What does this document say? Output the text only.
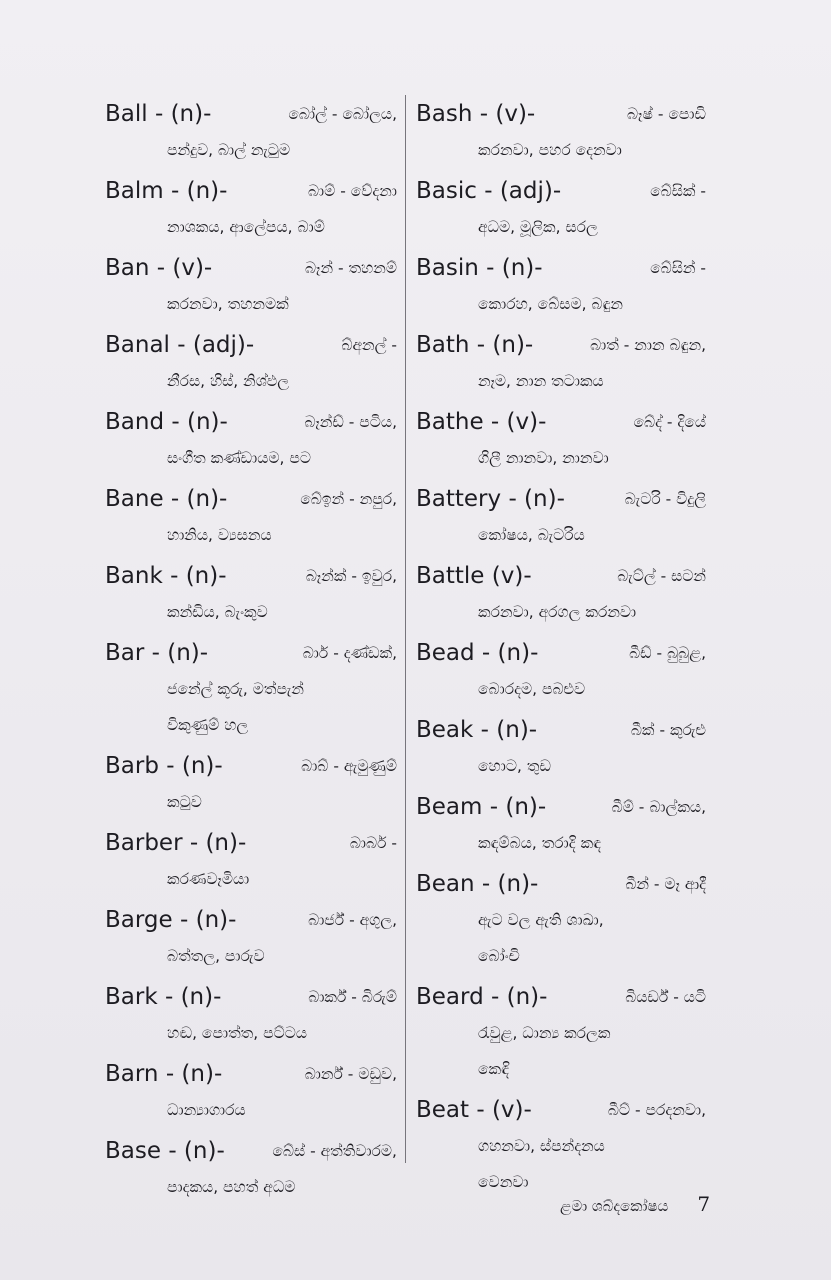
Ball - (n)-	බෝල් - බෝලය,
පන්දුව, බාල් නැටුම
Balm - (n)-	බාම් - වේදනා
නාශකය, ආලේපය, බාම්
Ban - (v)-	බෑන් - තහනම්
කරනවා, තහනමක්
Banal - (adj)-	බ්අනල් -
නීරස, හිස්, නිශ්ඵල
Band - (n)-	බෑන්ඩ් - පටිය,
සංගීත කණ්ඩායම, පට
Bane - (n)-	බේඉන් - නපුර,
හානිය, ව්‍යසනය
Bank - (n)-	බෑන්ක් - ඉවුර,
කන්ඩිය, බැංකුව
Bar - (n)-	බාර් - දණ්ඩක්,
ජනේල් කූරු, මත්පැන්
විකුණුම් හල
Barb - (n)-	බාබ් - ඇමුණුම්
කටුව
Barber - (n)-	බාබර් -
කරණවෑමියා
Barge - (n)-	බාර්ජ් - අගුල,
බත්තල, පාරුව
Bark - (n)-	බාර්ක් - බිරුම්
හඬ, පොත්ත, පට්ටය
Barn - (n)-	බාර්න් - මඩුව,
ධාන්‍යාගාරය
Base - (n)-	බේස් - අත්තිවාරම,
පාදකය, පහත් අධම
Bash - (v)-	බෑෂ් - පොඩි
කරනවා, පහර දෙනවා
Basic - (adj)-	බේසික් -
අධම, මූලික, සරල
Basin - (n)-	බේසින් -
කොරහ, බේසම, බඳුන
Bath - (n)-	බාත් - නාන බඳුන,
නෑම, නාන තටාකය
Bathe - (v)-	බේද් - දියේ
ගිලී නානවා, නානවා
Battery - (n)-	බැටරි - විදුලි
කෝෂය, බැටරිය
Battle (v)-	බැට්ල් - සටන්
කරනවා, අරගල කරනවා
Bead - (n)-	බීඩ් - බුබුළ,
බොරදම, පබළුව
Beak - (n)-	බීක් - කුරුළු
හොට, තුඩ
Beam - (n)-	බීම් - බාල්කය,
කඳම්බය, තරාදි කඳ
Bean - (n)-	බීන් - මෑ ආදී
ඇට වල ඇති ශාඛා,
බෝංචි
Beard - (n)-	බියර්ඩ් - යටි
රැවුළ, ධාන්‍ය කරලක
කෙඳි
Beat - (v)-	බීට් - පරදනවා,
ගහනවා, ස්පන්දනය
වෙනවා
ළමා ශබ්දකෝෂය 7
